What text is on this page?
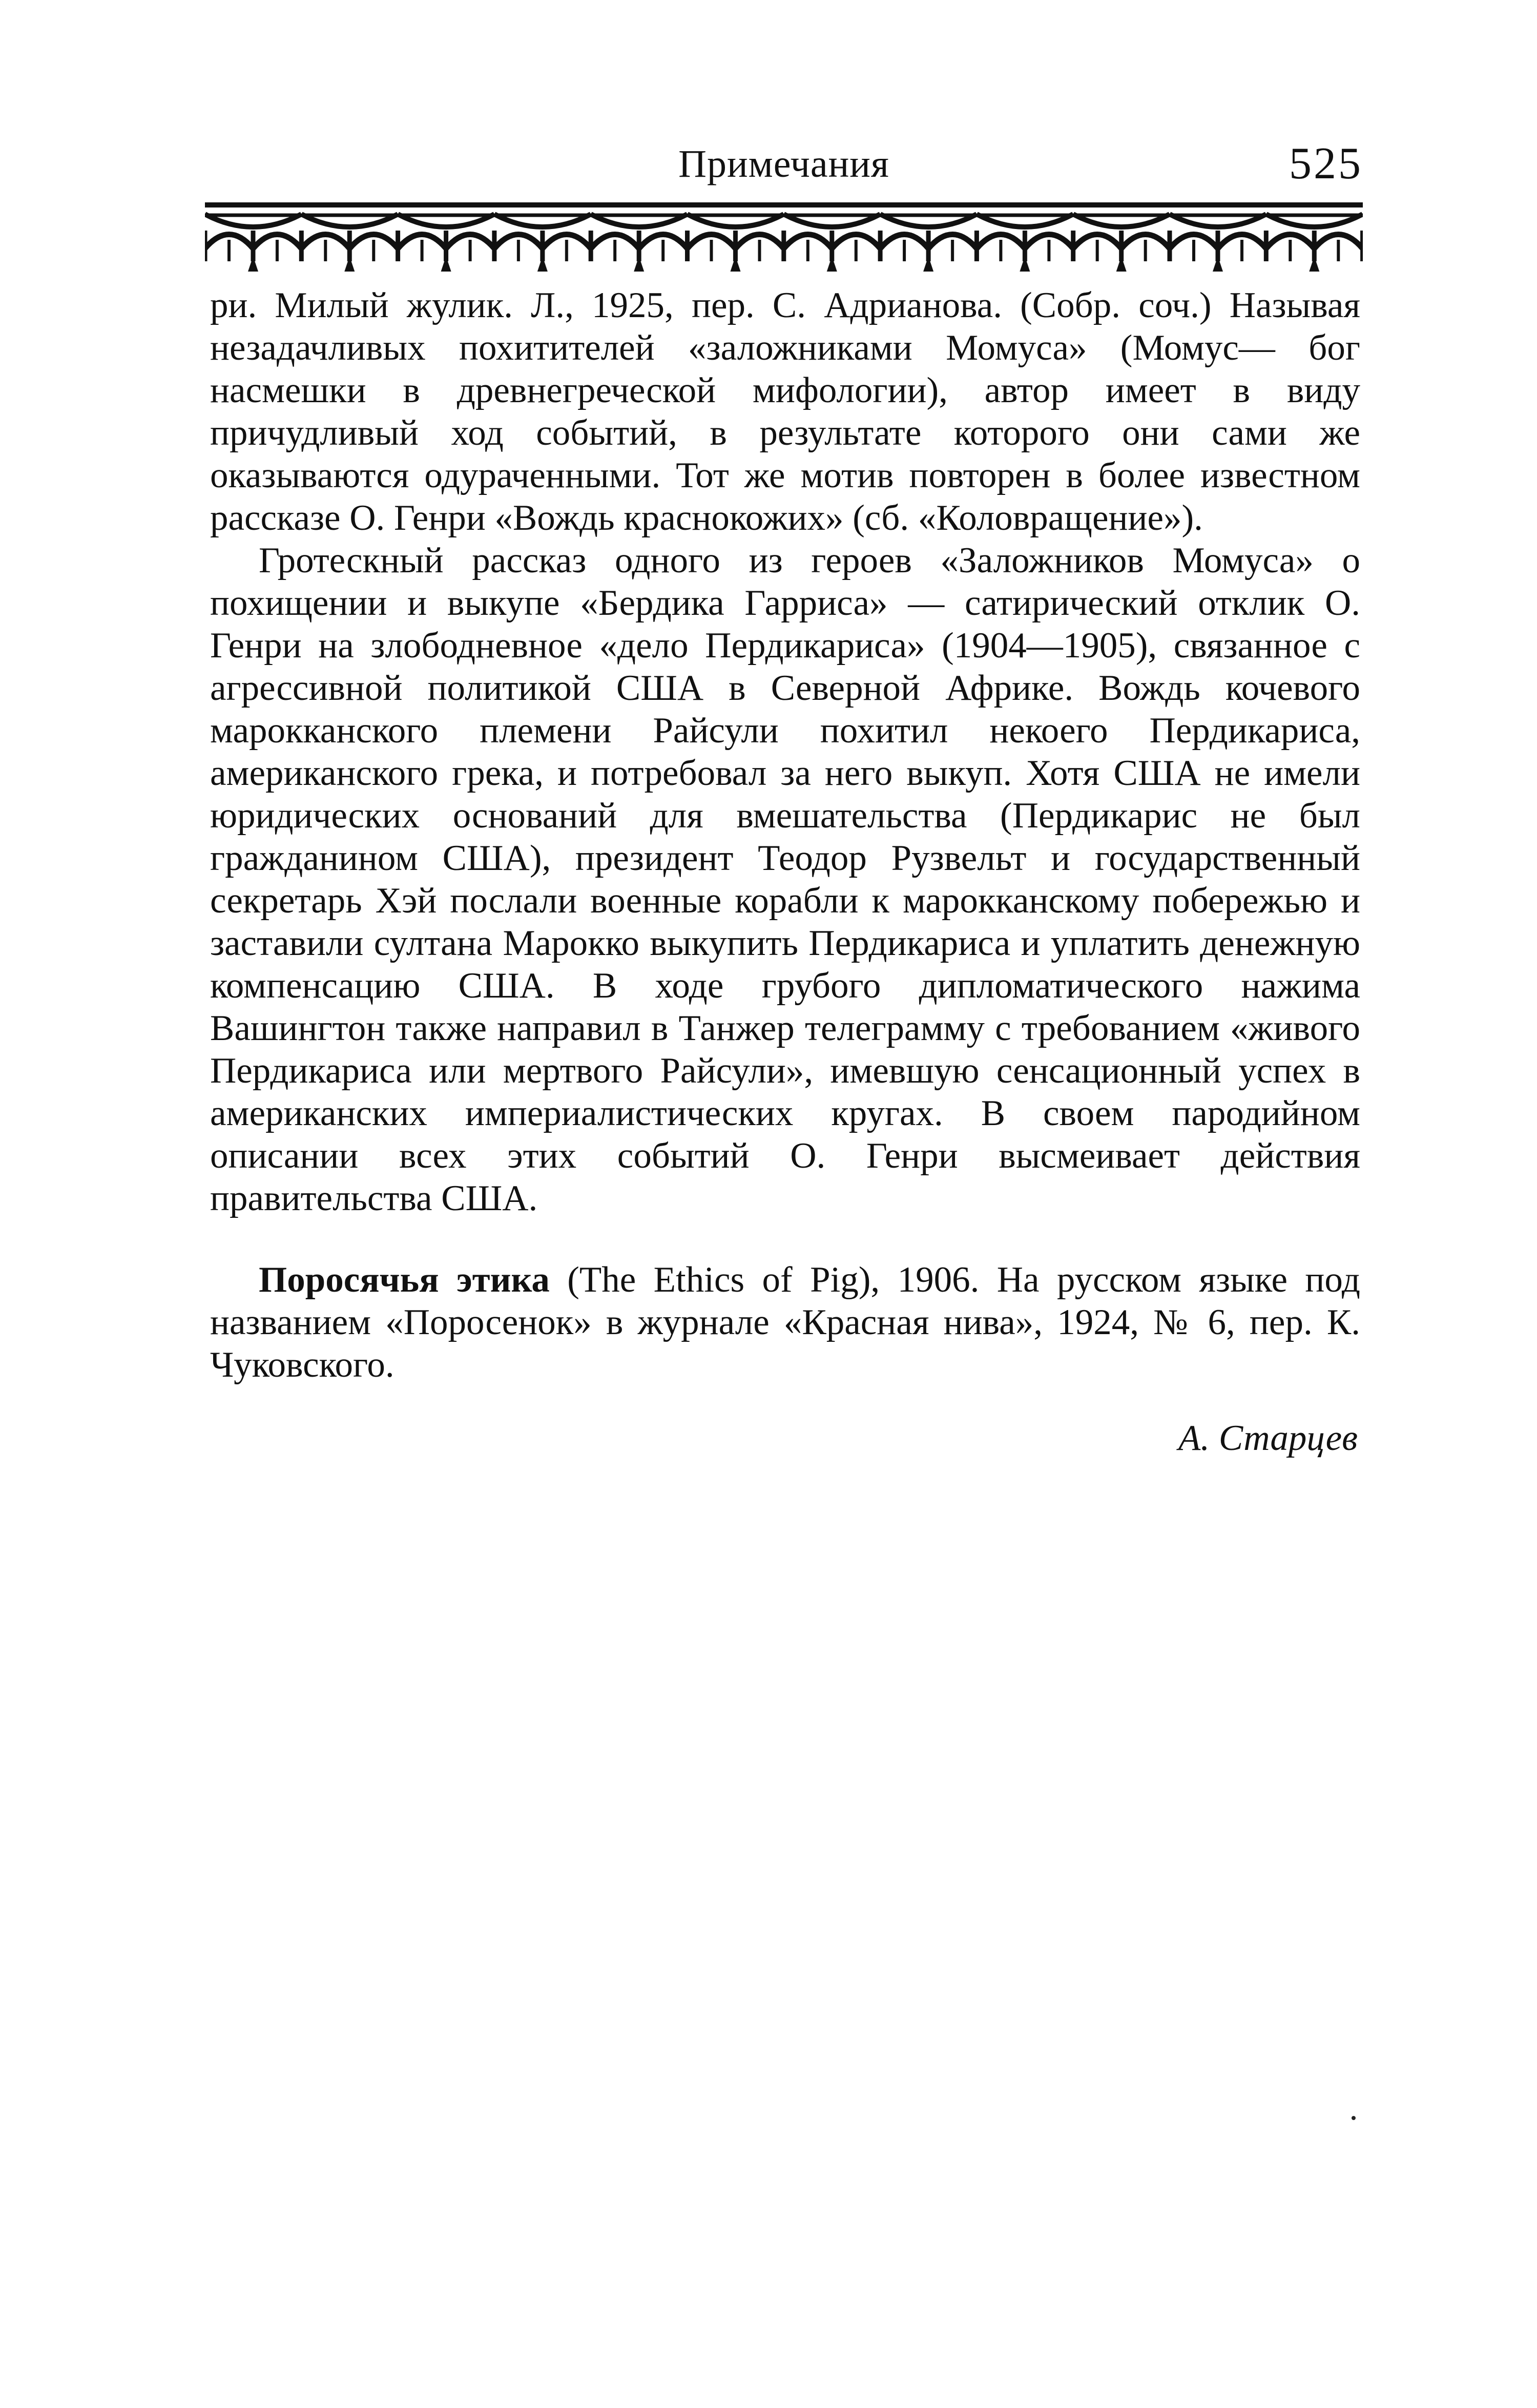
Примечания	525

ри. Милый жулик. Л., 1925, пер. С. Адрианова. (Собр. соч.) Называя незадачливых похитителей «заложниками Момуса» (Момус— бог насмешки в древнегреческой мифологии), автор имеет в виду причудливый ход событий, в результате которого они сами же оказываются одураченными. Тот же мотив повторен в более известном рассказе О. Генри «Вождь краснокожих» (сб. «Коловращение»).

Гротескный рассказ одного из героев «Заложников Момуса» о похищении и выкупе «Бердика Гарриса» — сатирический отклик О. Генри на злободневное «дело Пердикариса» (1904—1905), связанное с агрессивной политикой США в Северной Африке. Вождь кочевого марокканского племени Райсули похитил некоего Пердикариса, американского грека, и потребовал за него выкуп. Хотя США не имели юридических оснований для вмешательства (Пердикарис не был гражданином США), президент Теодор Рузвельт и государственный секретарь Хэй послали военные корабли к марокканскому побережью и заставили султана Марокко выкупить Пердикариса и уплатить денежную компенсацию США. В ходе грубого дипломатического нажима Вашингтон также направил в Танжер телеграмму с требованием «живого Пердикариса или мертвого Райсули», имевшую сенсационный успех в американских империалистических кругах. В своем пародийном описании всех этих событий О. Генри высмеивает действия правительства США.

Поросячья этика (The Ethics of Pig), 1906. На русском языке под названием «Поросенок» в журнале «Красная нива», 1924, № 6, пер. К. Чуковского.

А. Старцев
